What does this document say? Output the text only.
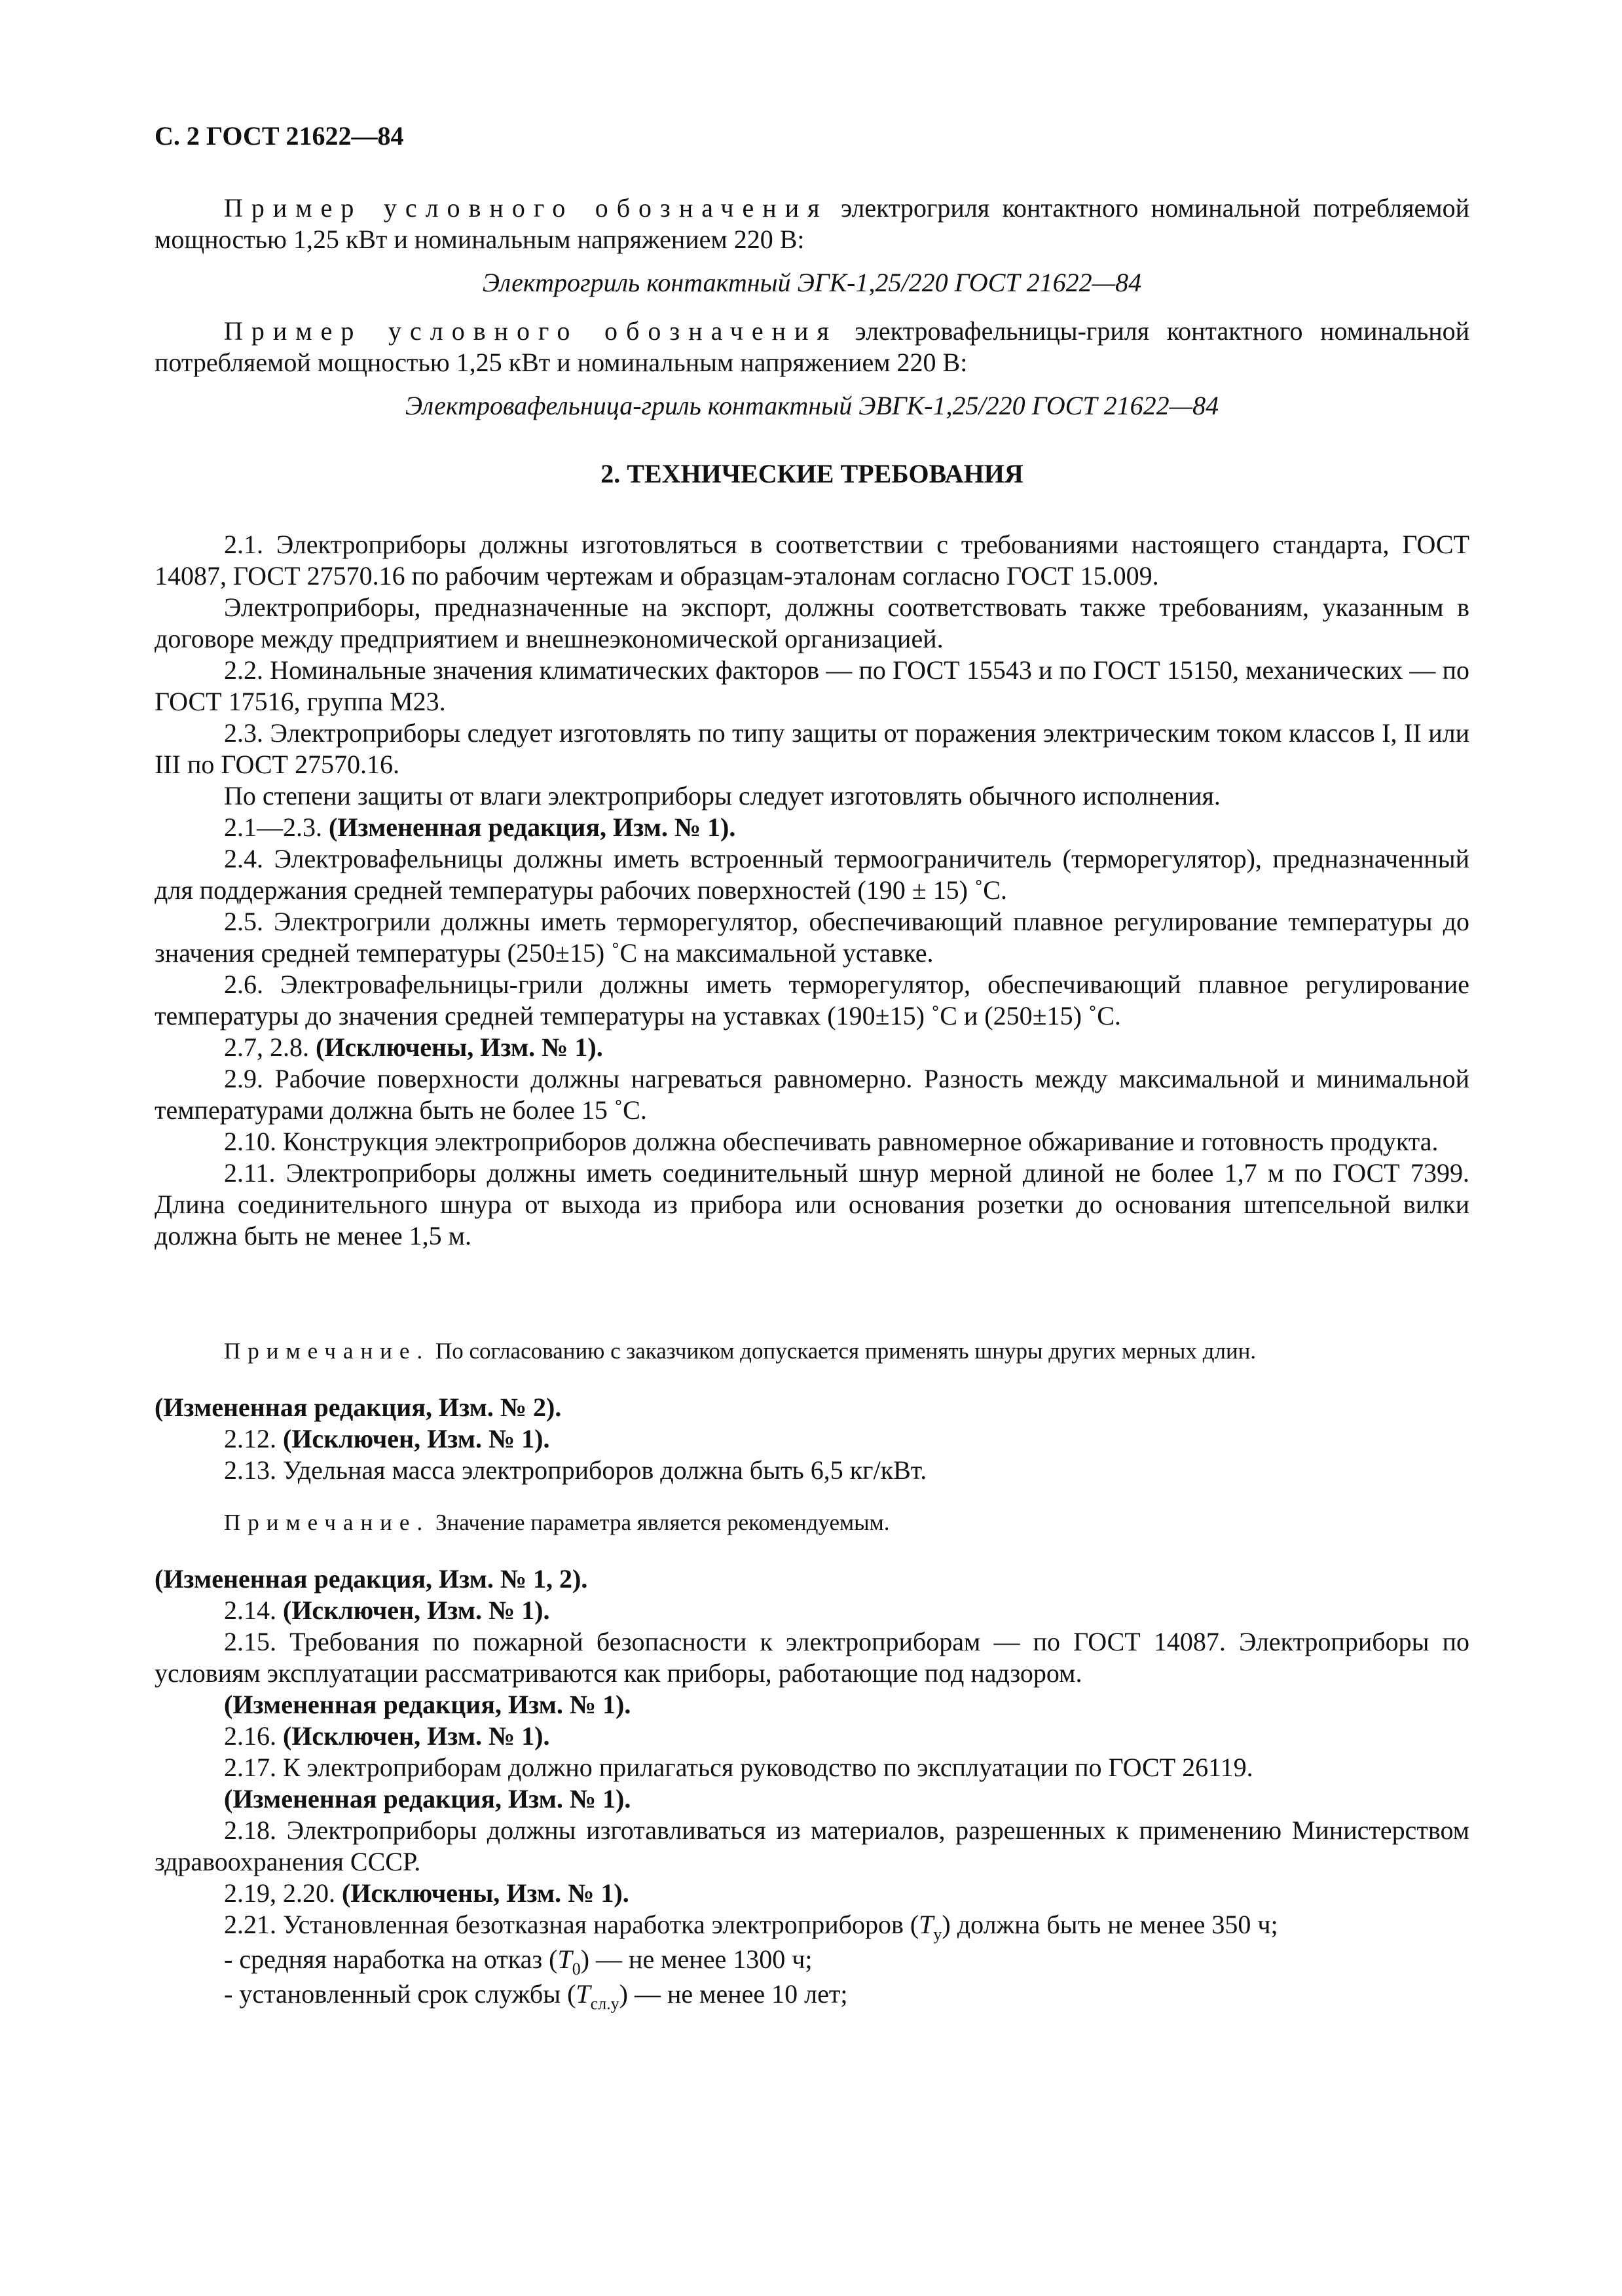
С. 2 ГОСТ 21622—84

Пример условного обозначения электрогриля контактного номинальной потребляемой мощностью 1,25 кВт и номинальным напряжением 220 В:

Электрогриль контактный ЭГК-1,25/220 ГОСТ 21622—84

Пример условного обозначения электровафельницы-гриля контактного номинальной потребляемой мощностью 1,25 кВт и номинальным напряжением 220 В:

Электровафельница-гриль контактный ЭВГК-1,25/220 ГОСТ 21622—84

2. ТЕХНИЧЕСКИЕ ТРЕБОВАНИЯ

2.1. Электроприборы должны изготовляться в соответствии с требованиями настоящего стандарта, ГОСТ 14087, ГОСТ 27570.16 по рабочим чертежам и образцам-эталонам согласно ГОСТ 15.009.

Электроприборы, предназначенные на экспорт, должны соответствовать также требованиям, указанным в договоре между предприятием и внешнеэкономической организацией.

2.2. Номинальные значения климатических факторов — по ГОСТ 15543 и по ГОСТ 15150, механических — по ГОСТ 17516, группа М23.

2.3. Электроприборы следует изготовлять по типу защиты от поражения электрическим током классов I, II или III по ГОСТ 27570.16.

По степени защиты от влаги электроприборы следует изготовлять обычного исполнения.

2.1—2.3. (Измененная редакция, Изм. № 1).

2.4. Электровафельницы должны иметь встроенный термоограничитель (терморегулятор), предназначенный для поддержания средней температуры рабочих поверхностей (190 ± 15) ˚С.

2.5. Электрогрили должны иметь терморегулятор, обеспечивающий плавное регулирование температуры до значения средней температуры (250±15) ˚С на максимальной уставке.

2.6. Электровафельницы-грили должны иметь терморегулятор, обеспечивающий плавное регулирование температуры до значения средней температуры на уставках (190±15) ˚С и (250±15) ˚С.

2.7, 2.8. (Исключены, Изм. № 1).

2.9. Рабочие поверхности должны нагреваться равномерно. Разность между максимальной и минимальной температурами должна быть не более 15 ˚С.

2.10. Конструкция электроприборов должна обеспечивать равномерное обжаривание и готовность продукта.

2.11. Электроприборы должны иметь соединительный шнур мерной длиной не более 1,7 м по ГОСТ 7399. Длина соединительного шнура от выхода из прибора или основания розетки до основания штепсельной вилки должна быть не менее 1,5 м.

Примечание. По согласованию с заказчиком допускается применять шнуры других мерных длин.

(Измененная редакция, Изм. № 2).

2.12. (Исключен, Изм. № 1).

2.13. Удельная масса электроприборов должна быть 6,5 кг/кВт.

Примечание. Значение параметра является рекомендуемым.

(Измененная редакция, Изм. № 1, 2).

2.14. (Исключен, Изм. № 1).

2.15. Требования по пожарной безопасности к электроприборам — по ГОСТ 14087. Электроприборы по условиям эксплуатации рассматриваются как приборы, работающие под надзором.

(Измененная редакция, Изм. № 1).

2.16. (Исключен, Изм. № 1).

2.17. К электроприборам должно прилагаться руководство по эксплуатации по ГОСТ 26119.

(Измененная редакция, Изм. № 1).

2.18. Электроприборы должны изготавливаться из материалов, разрешенных к применению Министерством здравоохранения СССР.

2.19, 2.20. (Исключены, Изм. № 1).

2.21. Установленная безотказная наработка электроприборов $(T_у)$ должна быть не менее 350 ч;

- средняя наработка на отказ $(T_0)$ — не менее 1300 ч;

- установленный срок службы $(T_{сл.у})$ — не менее 10 лет;
